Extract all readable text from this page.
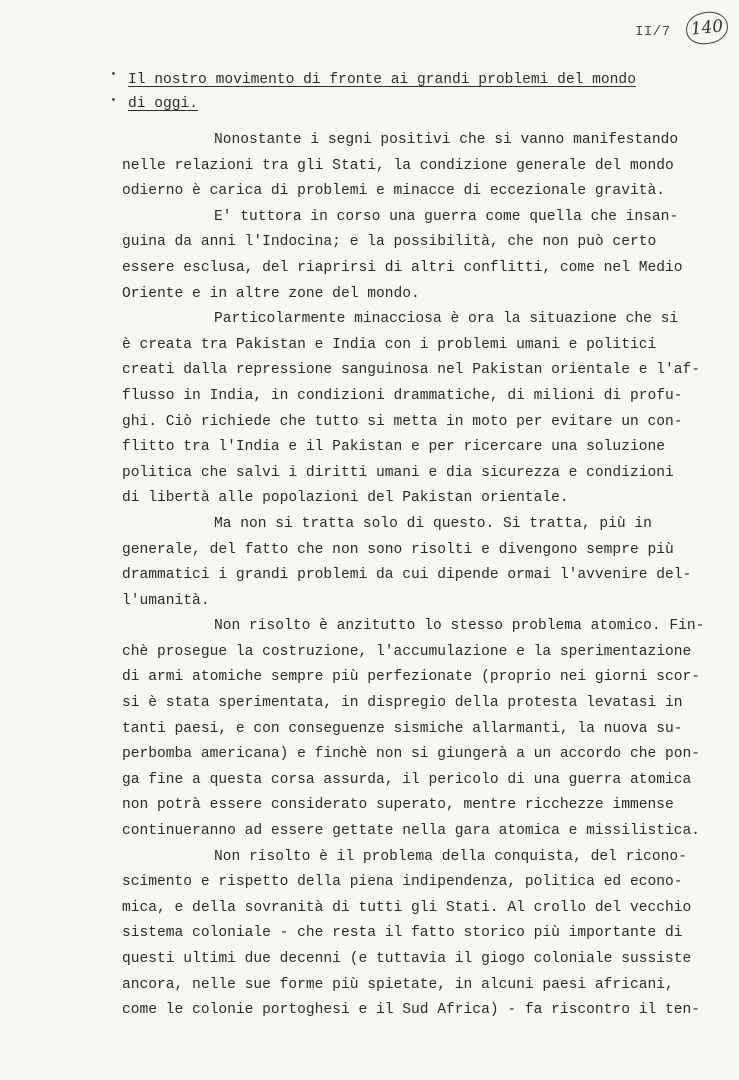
II/7	140
Il nostro movimento di fronte ai grandi problemi del mondo
di oggi.
Nonostante i segni positivi che si vanno manifestando
nelle relazioni tra gli Stati, la condizione generale del mondo
odierno è carica di problemi e minacce di eccezionale gravità.
E' tuttora in corso una guerra come quella che insan-
guina da anni l'Indocina; e la possibilità, che non può certo
essere esclusa, del riaprirsi di altri conflitti, come nel Medio
Oriente e in altre zone del mondo.
Particolarmente minacciosa è ora la situazione che si
è creata tra Pakistan e India con i problemi umani e politici
creati dalla repressione sanguinosa nel Pakistan orientale e l'af-
flusso in India, in condizioni drammatiche, di milioni di profu-
ghi. Ciò richiede che tutto si metta in moto per evitare un con-
flitto tra l'India e il Pakistan e per ricercare una soluzione
politica che salvi i diritti umani e dia sicurezza e condizioni
di libertà alle popolazioni del Pakistan orientale.
Ma non si tratta solo di questo. Si tratta, più in
generale, del fatto che non sono risolti e divengono sempre più
drammatici i grandi problemi da cui dipende ormai l'avvenire del-
l'umanità.
Non risolto è anzitutto lo stesso problema atomico. Fin-
chè prosegue la costruzione, l'accumulazione e la sperimentazione
di armi atomiche sempre più perfezionate (proprio nei giorni scor-
si è stata sperimentata, in dispregio della protesta levatasi in
tanti paesi, e con conseguenze sismiche allarmanti, la nuova su-
perbomba americana) e finchè non si giungerà a un accordo che pon-
ga fine a questa corsa assurda, il pericolo di una guerra atomica
non potrà essere considerato superato, mentre ricchezze immense
continueranno ad essere gettate nella gara atomica e missilistica.
Non risolto è il problema della conquista, del ricono-
scimento e rispetto della piena indipendenza, politica ed econo-
mica, e della sovranità di tutti gli Stati. Al crollo del vecchio
sistema coloniale - che resta il fatto storico più importante di
questi ultimi due decenni (e tuttavia il giogo coloniale sussiste
ancora, nelle sue forme più spietate, in alcuni paesi africani,
come le colonie portoghesi e il Sud Africa) - fa riscontro il ten-
